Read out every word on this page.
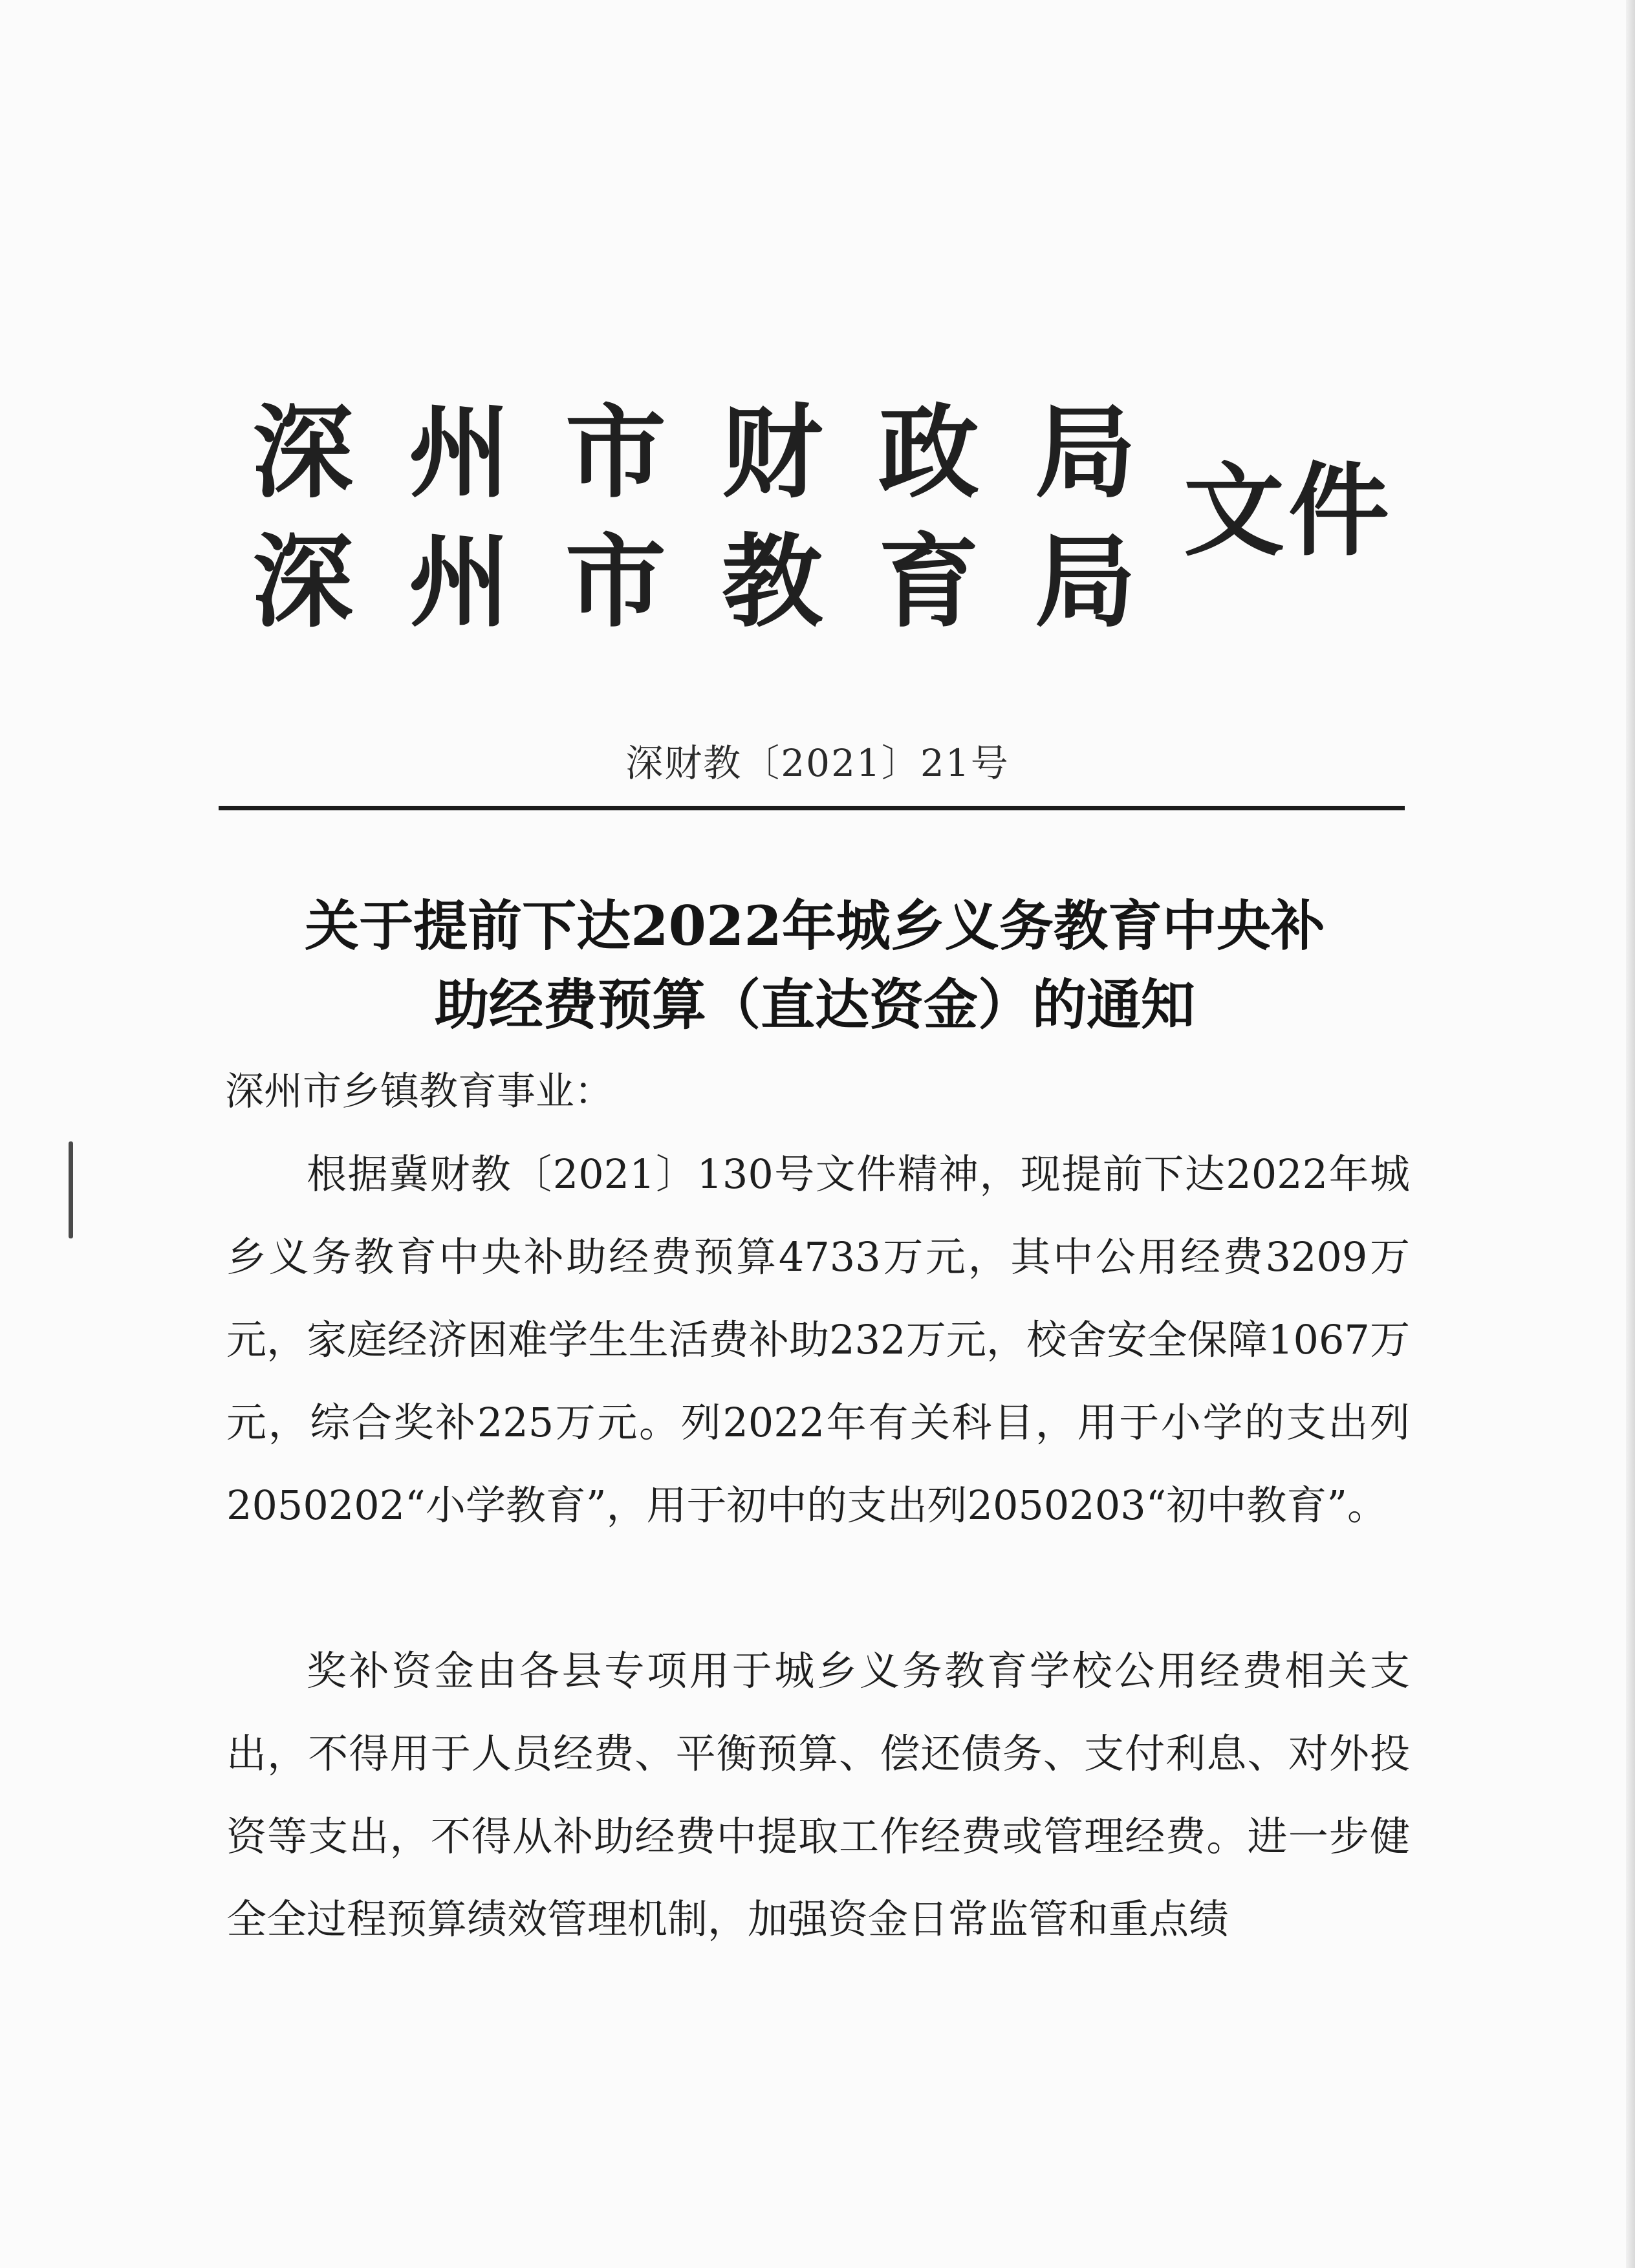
深州市财政局
深州市教育局
文件
深财教〔2021〕21号
关于提前下达2022年城乡义务教育中央补
助经费预算（直达资金）的通知
深州市乡镇教育事业：

根据冀财教〔2021〕130号文件精神，现提前下达2022年城乡义务教育中央补助经费预算4733万元，其中公用经费3209万元，家庭经济困难学生生活费补助232万元，校舍安全保障1067万元，综合奖补225万元。列2022年有关科目，用于小学的支出列2050202“小学教育”，用于初中的支出列2050203“初中教育”。

奖补资金由各县专项用于城乡义务教育学校公用经费相关支出，不得用于人员经费、平衡预算、偿还债务、支付利息、对外投资等支出，不得从补助经费中提取工作经费或管理经费。进一步健全全过程预算绩效管理机制，加强资金日常监管和重点绩
